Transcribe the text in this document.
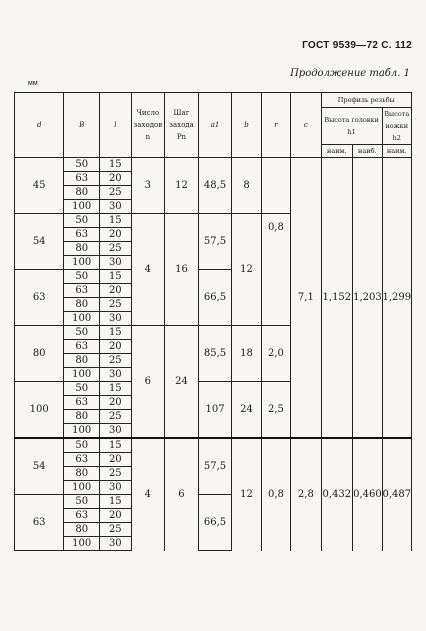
ГОСТ 9539—72 С. 112
Продолжение табл. 1
мм
d	B	l	Число заходов n	Шаг захода Pn	a1	b	r	c	Профиль резьбы		
									Высота головки h1		Высота ножки h2
									наим.	наиб.	наим.
45	50	15	3	12	48,5	8		7,1	1,152	1,203	1,299
	63	20									
	80	25									
	100	30									
54	50	15	4	16	57,5	12	0,8				
	63	20									
	80	25									
	100	30									
63	50	15			66,5						
	63	20									
	80	25									
	100	30									
80	50	15	6	24	85,5	18	2,0				
	63	20									
	80	25									
	100	30									
100	50	15			107	24	2,5				
	63	20									
	80	25									
	100	30									
54	50	15	4	6	57,5	12	0,8	2,8	0,432	0,460	0,487
	63	20									
	80	25									
	100	30									
63	50	15			66,5						
	63	20									
	80	25									
	100	30									
